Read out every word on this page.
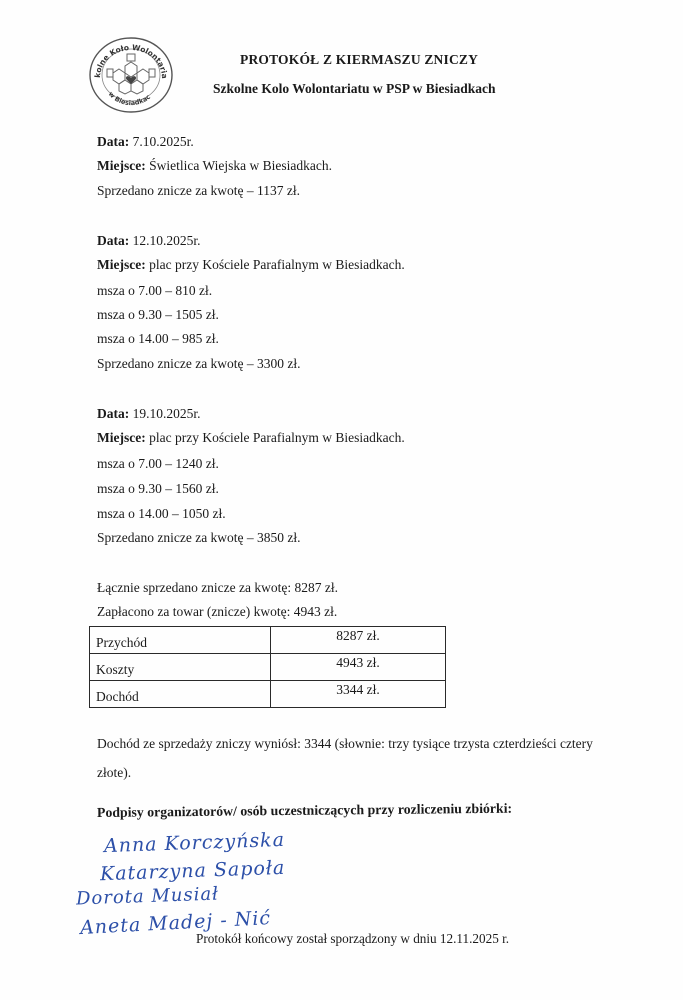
kolne Koło Wolontaria
w Biesiadkac
PROTOKÓŁ Z KIERMASZU ZNICZY
Szkolne Kolo Wolontariatu w PSP w Biesiadkach
Data: 7.10.2025r.
Miejsce: Świetlica Wiejska w Biesiadkach.
Sprzedano znicze za kwotę – 1137 zł.
Data: 12.10.2025r.
Miejsce: plac przy Kościele Parafialnym w Biesiadkach.
msza o 7.00 – 810 zł.
msza o 9.30 – 1505 zł.
msza o 14.00 – 985 zł.
Sprzedano znicze za kwotę – 3300 zł.
Data: 19.10.2025r.
Miejsce: plac przy Kościele Parafialnym w Biesiadkach.
msza o 7.00 – 1240 zł.
msza o 9.30 – 1560 zł.
msza o 14.00 – 1050 zł.
Sprzedano znicze za kwotę – 3850 zł.
Łącznie sprzedano znicze za kwotę: 8287 zł.
Zapłacono za towar (znicze) kwotę: 4943 zł.
Przychód	8287 zł.
Koszty	4943 zł.
Dochód	3344 zł.
Dochód ze sprzedaży zniczy wyniósł: 3344 (słownie: trzy tysiące trzysta czterdzieści cztery
złote).
Podpisy organizatorów/ osób uczestniczących przy rozliczeniu zbiórki:
Anna Korczyńska
Katarzyna Sapoła
Dorota Musiał
Aneta Madej - Nić
Protokół końcowy został sporządzony w dniu 12.11.2025 r.
